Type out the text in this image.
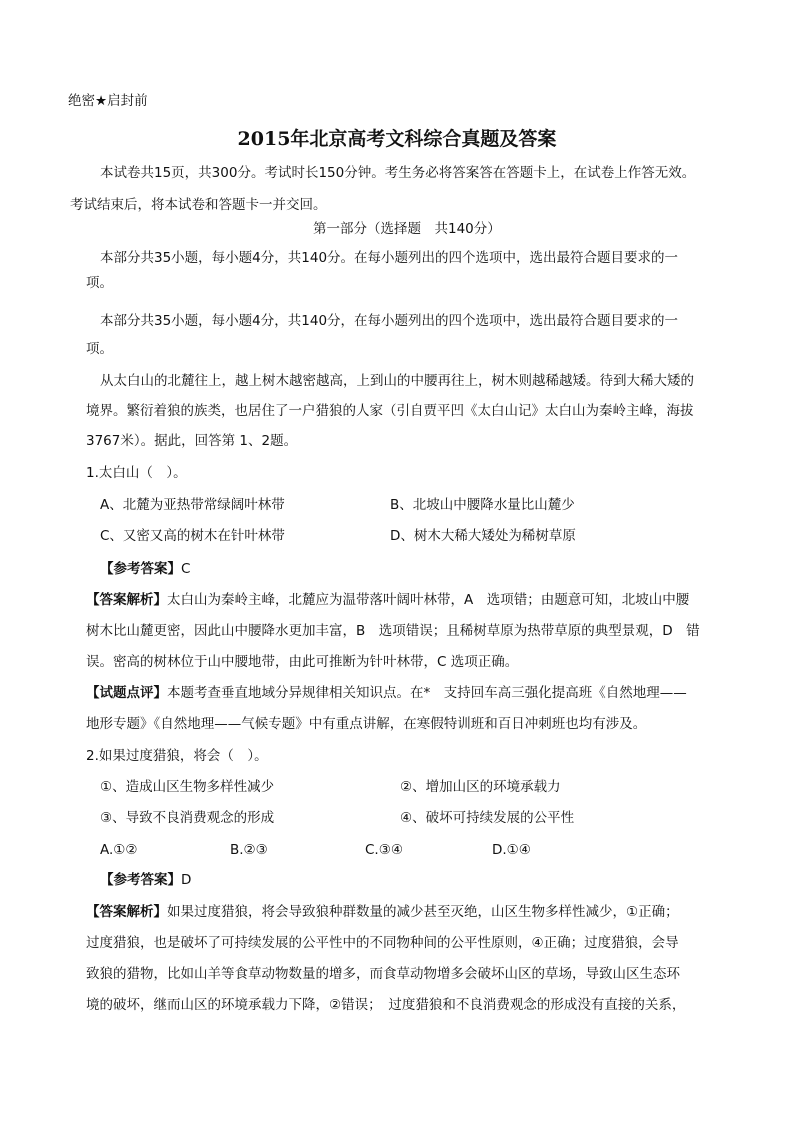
绝密★启封前
2015年北京高考文科综合真题及答案
本试卷共15页，共300分。考试时长150分钟。考生务必将答案答在答题卡上，在试卷上作答无效。
考试结束后，将本试卷和答题卡一并交回。
第一部分（选择题　共140分）
本部分共35小题，每小题4分，共140分。在每小题列出的四个选项中，选出最符合题目要求的一
项。
本部分共35小题，每小题4分，共140分，在每小题列出的四个选项中，选出最符合题目要求的一
项。
从太白山的北麓往上，越上树木越密越高，上到山的中腰再往上，树木则越稀越矮。待到大稀大矮的
境界。繁衍着狼的族类，也居住了一户猎狼的人家（引自贾平凹《太白山记》太白山为秦岭主峰，海拔
3767米）。据此，回答第 1、2题。
1.太白山（　）。
A、北麓为亚热带常绿阔叶林带	B、北坡山中腰降水量比山麓少
C、又密又高的树木在针叶林带	D、树木大稀大矮处为稀树草原
【参考答案】C
【答案解析】太白山为秦岭主峰，北麓应为温带落叶阔叶林带，A　选项错；由题意可知，北坡山中腰
树木比山麓更密，因此山中腰降水更加丰富，B　选项错误；且稀树草原为热带草原的典型景观，D　错
误。密高的树林位于山中腰地带，由此可推断为针叶林带，C 选项正确。
【试题点评】本题考查垂直地域分异规律相关知识点。在*　支持回车高三强化提高班《自然地理——
地形专题》《自然地理——气候专题》中有重点讲解，在寒假特训班和百日冲刺班也均有涉及。
2.如果过度猎狼，将会（　）。
①、造成山区生物多样性减少	②、增加山区的环境承载力
③、导致不良消费观念的形成	④、破坏可持续发展的公平性
A.①②	B.②③	C.③④	D.①④
【参考答案】D
【答案解析】如果过度猎狼，将会导致狼种群数量的减少甚至灭绝，山区生物多样性减少，①正确；
过度猎狼，也是破坏了可持续发展的公平性中的不同物种间的公平性原则，④正确；过度猎狼，会导
致狼的猎物，比如山羊等食草动物数量的增多，而食草动物增多会破坏山区的草场，导致山区生态环
境的破坏，继而山区的环境承载力下降，②错误；　过度猎狼和不良消费观念的形成没有直接的关系，
